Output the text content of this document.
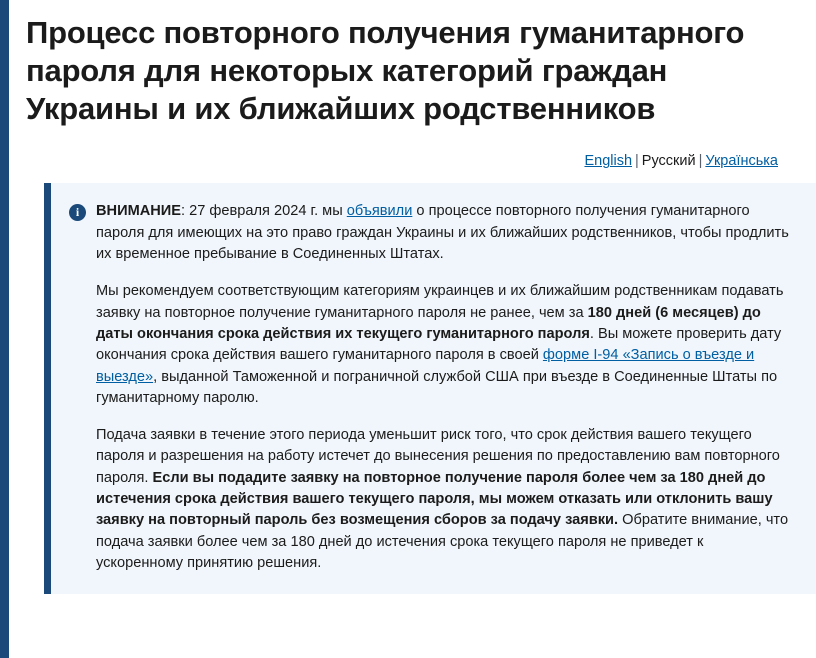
Процесс повторного получения гуманитарного пароля для некоторых категорий граждан Украины и их ближайших родственников
English | Русский | Українська
i	ВНИМАНИЕ: 27 февраля 2024 г. мы объявили о процессе повторного получения гуманитарного пароля для имеющих на это право граждан Украины и их ближайших родственников, чтобы продлить их временное пребывание в Соединенных Штатах.

Мы рекомендуем соответствующим категориям украинцев и их ближайшим родственникам подавать заявку на повторное получение гуманитарного пароля не ранее, чем за 180 дней (6 месяцев) до даты окончания срока действия их текущего гуманитарного пароля. Вы можете проверить дату окончания срока действия вашего гуманитарного пароля в своей форме I-94 «Запись о въезде и выезде», выданной Таможенной и пограничной службой США при въезде в Соединенные Штаты по гуманитарному паролю.

Подача заявки в течение этого периода уменьшит риск того, что срок действия вашего текущего пароля и разрешения на работу истечет до вынесения решения по предоставлению вам повторного пароля. Если вы подадите заявку на повторное получение пароля более чем за 180 дней до истечения срока действия вашего текущего пароля, мы можем отказать или отклонить вашу заявку на повторный пароль без возмещения сборов за подачу заявки. Обратите внимание, что подача заявки более чем за 180 дней до истечения срока текущего пароля не приведет к ускоренному принятию решения.
